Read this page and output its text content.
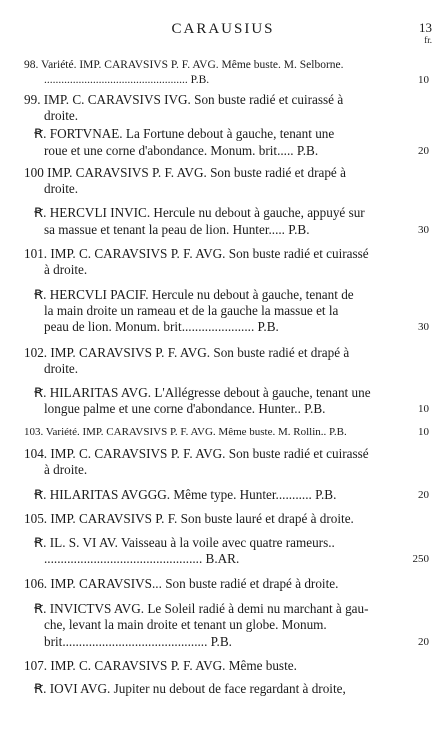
CARAUSIUS	13
fr.
98. Variété. IMP. CARAVSIVS P. F. AVG. Même buste. M. Selborne.
.................................................. P.B.	10
99. IMP. C. CARAVSIVS IVG. Son buste radié et cuirassé à
droite.
Ꞧ. FORTVNAE. La Fortune debout à gauche, tenant une
roue et une corne d'abondance. Monum. brit..... P.B.	20
100 IMP. CARAVSIVS P. F. AVG. Son buste radié et drapé à
droite.
Ꞧ. HERCVLI INVIC. Hercule nu debout à gauche, appuyé sur
sa massue et tenant la peau de lion. Hunter..... P.B.	30
101. IMP. C. CARAVSIVS P. F. AVG. Son buste radié et cuirassé
à droite.
Ꞧ. HERCVLI PACIF. Hercule nu debout à gauche, tenant de
la main droite un rameau et de la gauche la massue et la
peau de lion. Monum. brit...................... P.B.	30
102. IMP. CARAVSIVS P. F. AVG. Son buste radié et drapé à
droite.
Ꞧ. HILARITAS AVG. L'Allégresse debout à gauche, tenant une
longue palme et une corne d'abondance. Hunter.. P.B.	10
103. Variété. IMP. CARAVSIVS P. F. AVG. Même buste. M. Rollin.. P.B.	10
104. IMP. C. CARAVSIVS P. F. AVG. Son buste radié et cuirassé
à droite.
Ꞧ. HILARITAS AVGGG. Même type. Hunter........... P.B.	20
105. IMP. CARAVSIVS P. F. Son buste lauré et drapé à droite.
Ꞧ. IL. S. VI AV. Vaisseau à la voile avec quatre rameurs..
................................................ B.AR.	250
106. IMP. CARAVSIVS... Son buste radié et drapé à droite.
Ꞧ. INVICTVS AVG. Le Soleil radié à demi nu marchant à gau-
che, levant la main droite et tenant un globe. Monum.
brit............................................ P.B.	20
107. IMP. C. CARAVSIVS P. F. AVG. Même buste.
Ꞧ. IOVI AVG. Jupiter nu debout de face regardant à droite,
